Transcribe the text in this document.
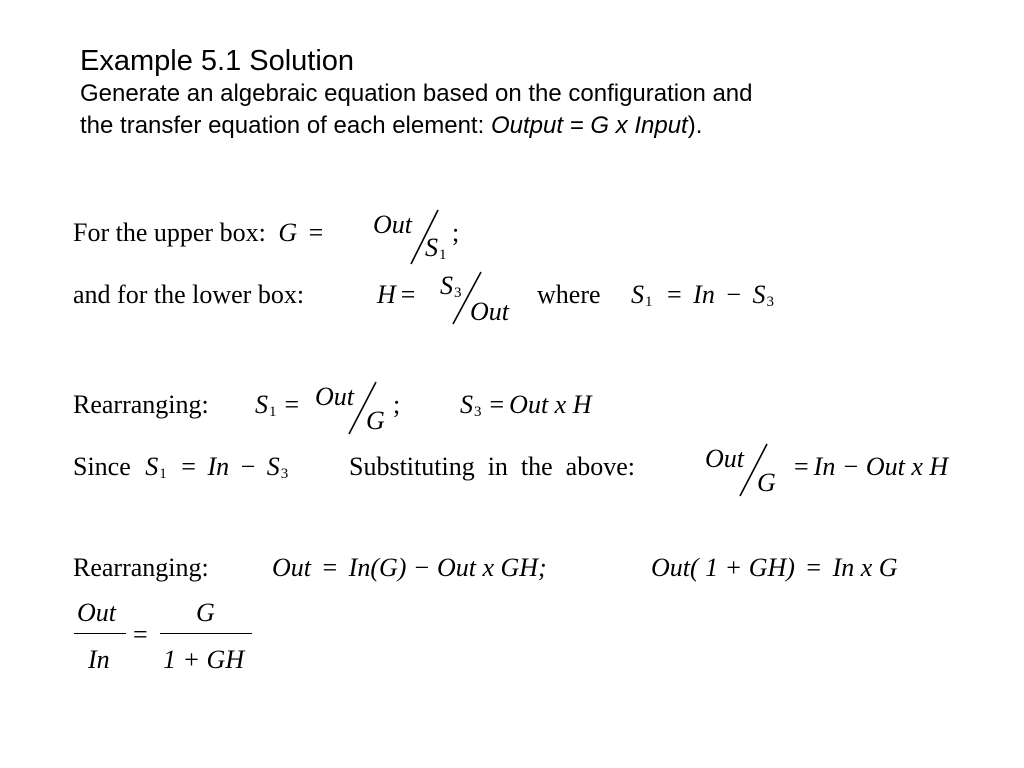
Example 5.1 Solution
Generate an algebraic equation based on the configuration and
the transfer equation of each element: Output = G x Input).
For the upper box: G = Out
$S_1$
;
and for the lower box:	$H = S_3$
Out
where $S_1 = In - S_3$
Rearranging: $S_1$ = Out
G
; $S_3$ = Out x H
Since $S_1 = In - S_3$ Substituting  in  the  above:	Out
G
= In − Out x H
Rearranging: Out = In(G) − Out x GH;	Out( 1 + GH) = In x G
Out
In
=
G
1 + GH
